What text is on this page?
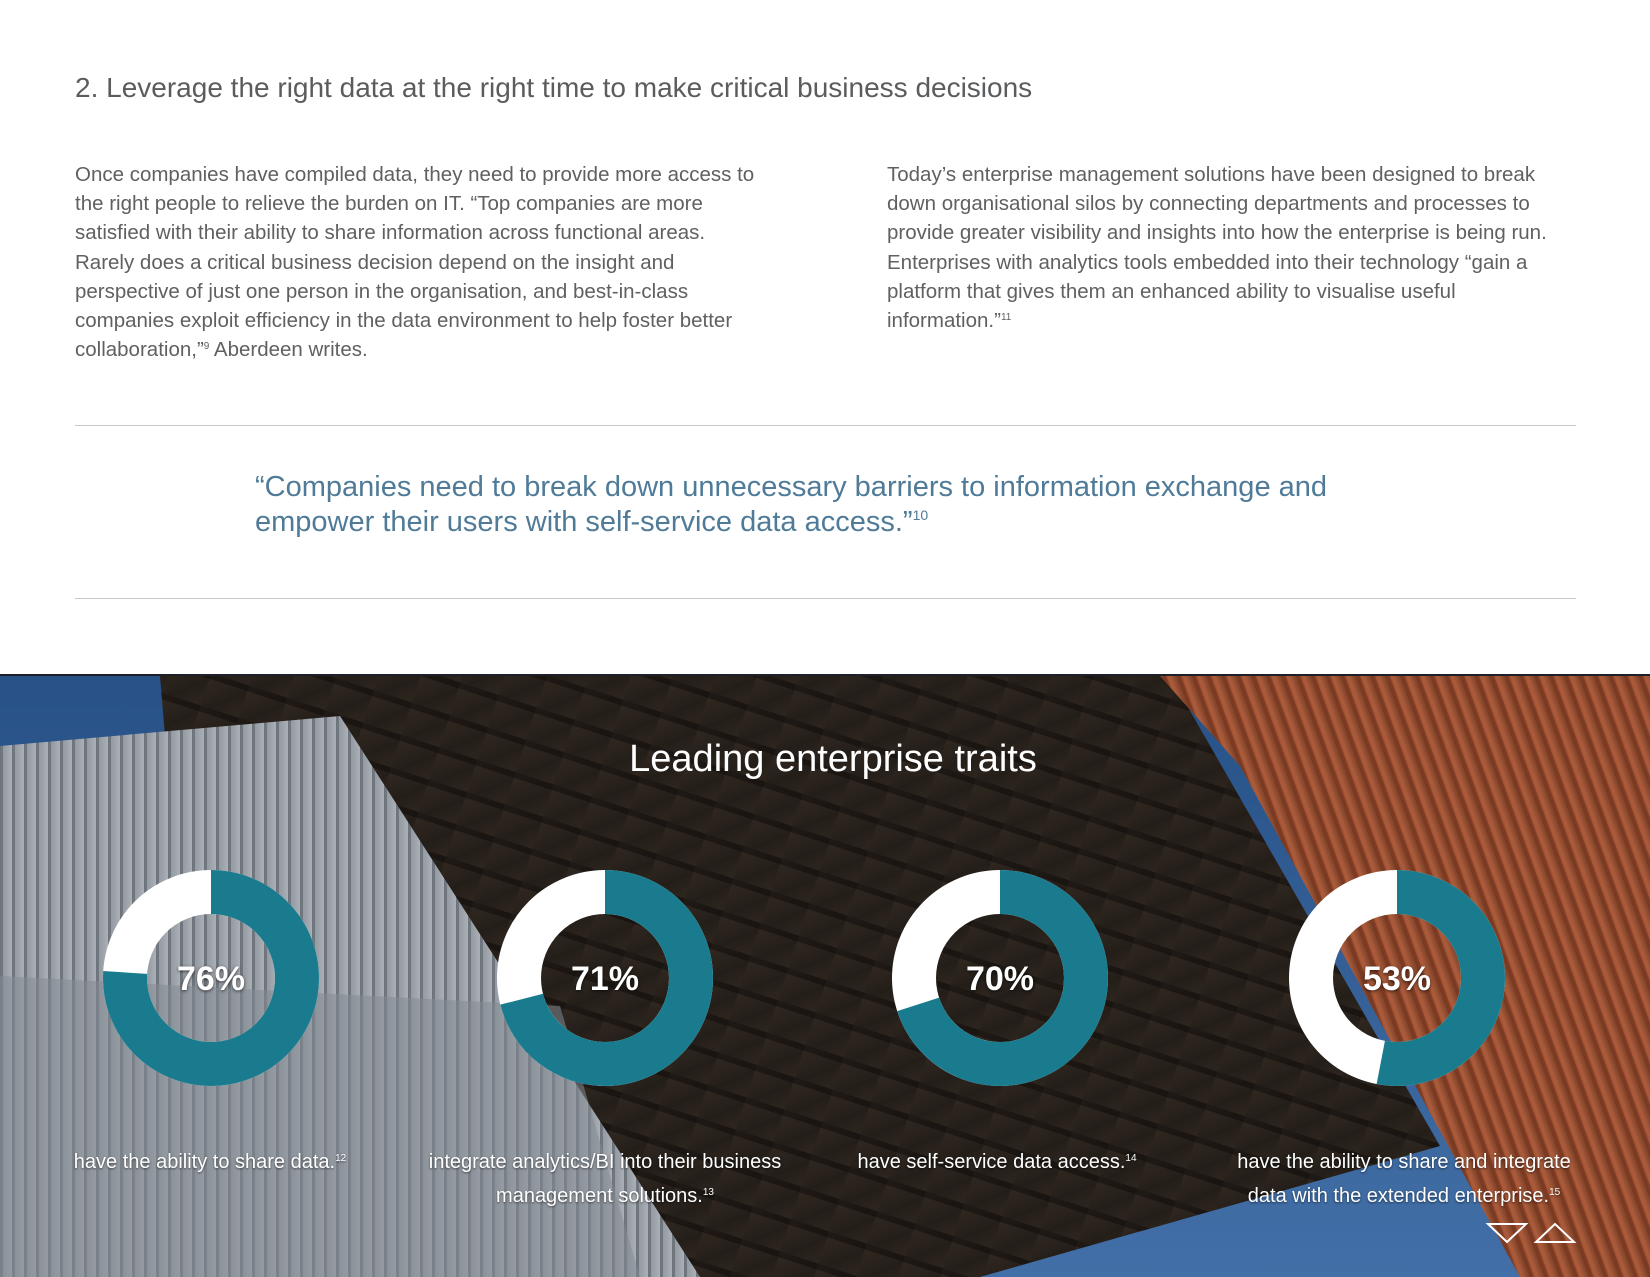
2. Leverage the right data at the right time to make critical business decisions

Once companies have compiled data, they need to provide more access to the right people to relieve the burden on IT. “Top companies are more satisfied with their ability to share information across functional areas. Rarely does a critical business decision depend on the insight and perspective of just one person in the organisation, and best-in-class companies exploit efficiency in the data environment to help foster better collaboration,”$^9$ Aberdeen writes.

Today’s enterprise management solutions have been designed to break down organisational silos by connecting departments and processes to provide greater visibility and insights into how the enterprise is being run. Enterprises with analytics tools embedded into their technology “gain a platform that gives them an enhanced ability to visualise useful information.”$^{11}$

“Companies need to break down unnecessary barriers to information exchange and empower their users with self-service data access.”$^{10}$

Leading enterprise traits
76%
have the ability to share data.$^{12}$
71%
integrate analytics/BI into their business management solutions.$^{13}$
70%
have self-service data access.$^{14}$
53%
have the ability to share and integrate data with the extended enterprise.$^{15}$
